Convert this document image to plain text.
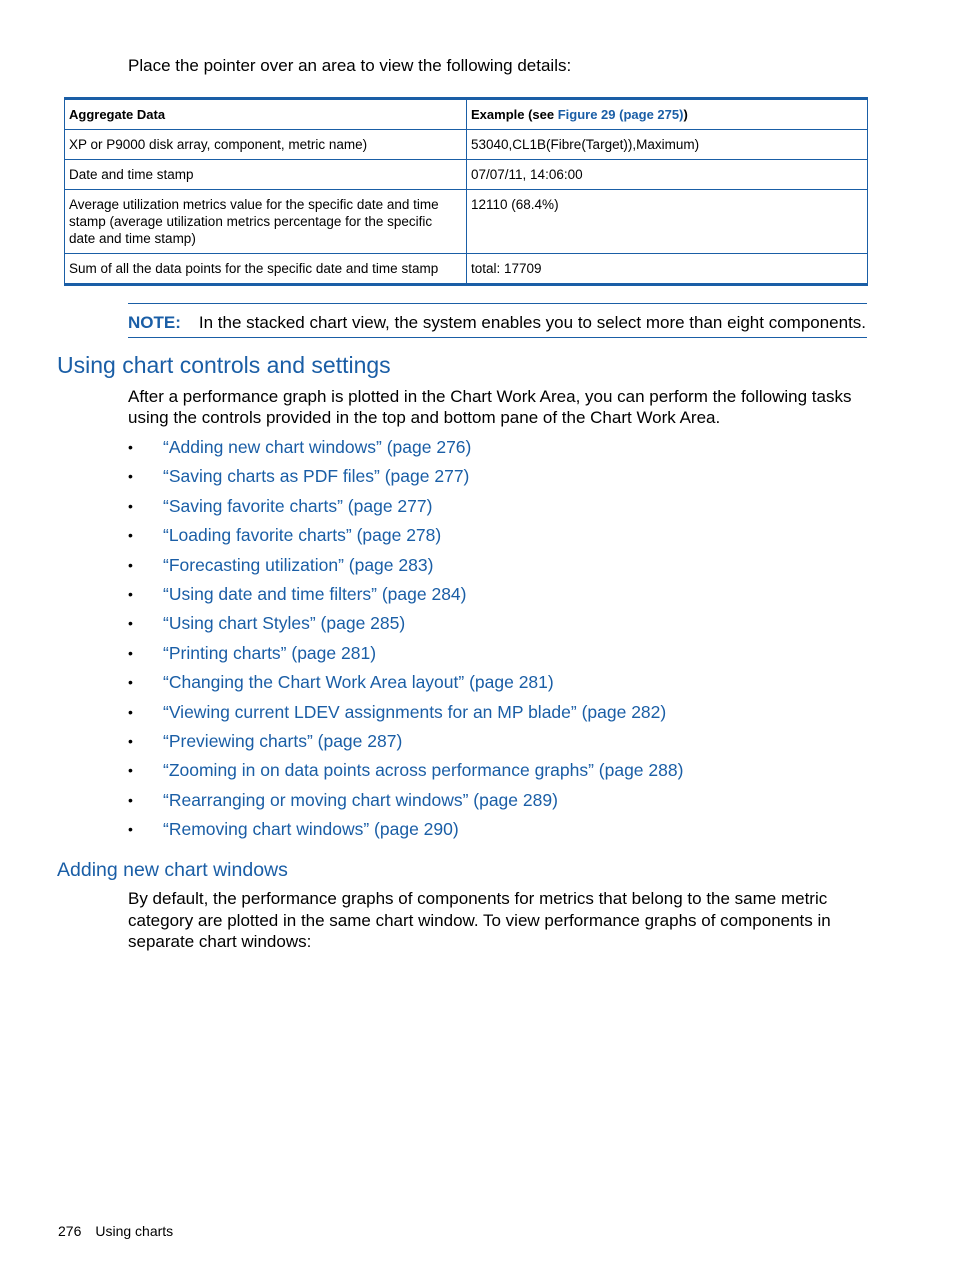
Place the pointer over an area to view the following details:
Aggregate Data	Example (see Figure 29 (page 275))
XP or P9000 disk array, component, metric name)	53040,CL1B(Fibre(Target)),Maximum)
Date and time stamp	07/07/11, 14:06:00
Average utilization metrics value for the specific date and time stamp (average utilization metrics percentage for the specific date and time stamp)	12110 (68.4%)
Sum of all the data points for the specific date and time stamp	total: 17709
NOTE: In the stacked chart view, the system enables you to select more than eight components.
Using chart controls and settings

After a performance graph is plotted in the Chart Work Area, you can perform the following tasks using the controls provided in the top and bottom pane of the Chart Work Area.

• “Adding new chart windows” (page 276)
• “Saving charts as PDF files” (page 277)
• “Saving favorite charts” (page 277)
• “Loading favorite charts” (page 278)
• “Forecasting utilization” (page 283)
• “Using date and time filters” (page 284)
• “Using chart Styles” (page 285)
• “Printing charts” (page 281)
• “Changing the Chart Work Area layout” (page 281)
• “Viewing current LDEV assignments for an MP blade” (page 282)
• “Previewing charts” (page 287)
• “Zooming in on data points across performance graphs” (page 288)
• “Rearranging or moving chart windows” (page 289)
• “Removing chart windows” (page 290)
Adding new chart windows

By default, the performance graphs of components for metrics that belong to the same metric category are plotted in the same chart window. To view performance graphs of components in separate chart windows:

276 Using charts
